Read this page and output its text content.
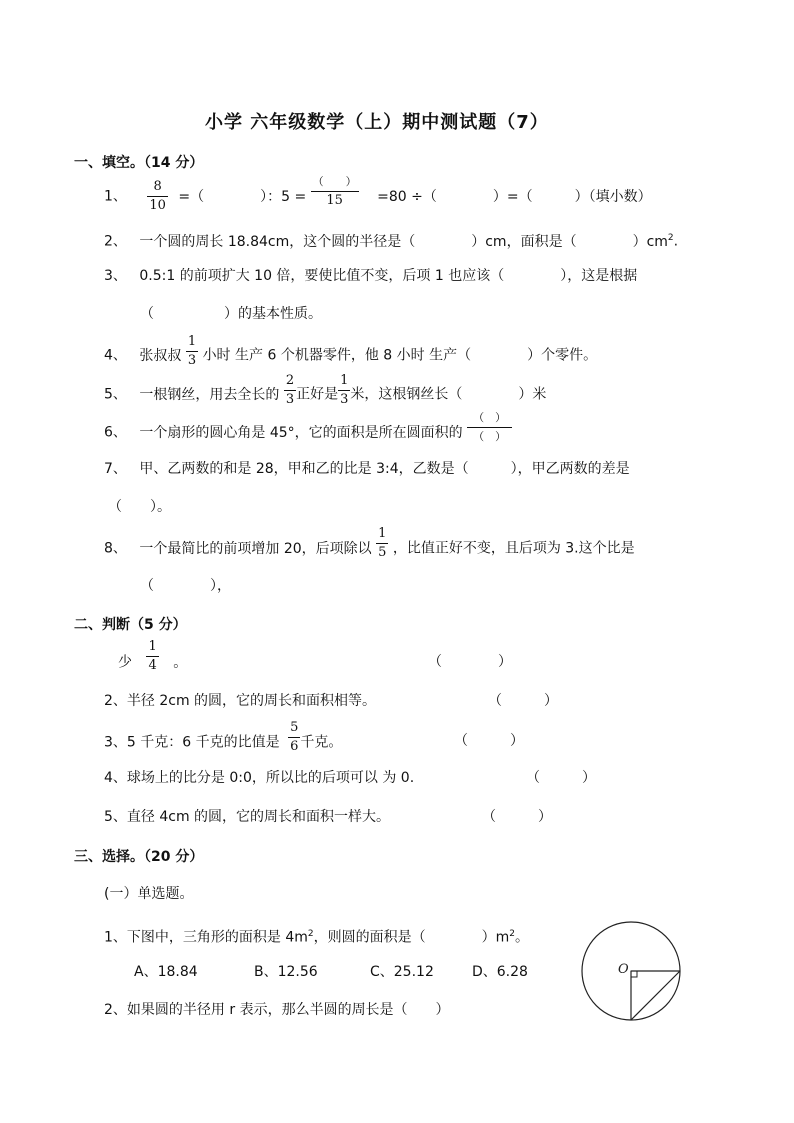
小学 六年级数学（上）期中测试题（7）
一、填空。（14 分）
1、 $\frac{8}{10}$ =（　　　　）：$5 = \frac{( )}{15} =80$ ÷（　　　　）=（　　　）（填小数）
2、 一个圆的周长 18.84cm，这个圆的半径是（　　　　）cm，面积是（　　　　）$cm^2$.
3、 0.5:1 的前项扩大 10 倍，要使比值不变，后项 1 也应该（　　　　），这是根据
（　　　　　）的基本性质。
4、 张叔叔 $\frac{1}{3}$ 小时 生产 6 个机器零件，他 8 小时 生产（　　　　）个零件。
5、 一根钢丝，用去全长的 $\frac{2}{3}$ 正好是 $\frac{1}{3}$ 米，这根钢丝长（　　　　）米
6、 一个扇形的圆心角是 45°，它的面积是所在圆面积的 $\frac{( )}{( )}$
7、 甲、乙两数的和是 28，甲和乙的比是 3:4，乙数是（　　　），甲乙两数的差是
（　　）。
8、 一个最简比的前项增加 20，后项除以 $\frac{1}{5}$ ，比值正好不变，且后项为 3.这个比是
（　　　　），
二、判断（5 分）
少 $\frac{1}{4}$ 。	（　　　　）
2、半径 2cm 的圆，它的周长和面积相等。	（　　　）
3、5 千克：6 千克的比值是 $\frac{5}{6}$ 千克。	（　　　）
4、球场上的比分是 0:0，所以比的后项可以 为 0.	（　　　）
5、直径 4cm 的圆，它的周长和面积一样大。	（　　　）
三、选择。（20 分）
(一）单选题。
1、下图中，三角形的面积是 $4m^2$，则圆的面积是（　　　　）$m^2$。
A、18.84	B、12.56	C、25.12	D、6.28
2、如果圆的半径用 r 表示，那么半圆的周长是（　　）
O
